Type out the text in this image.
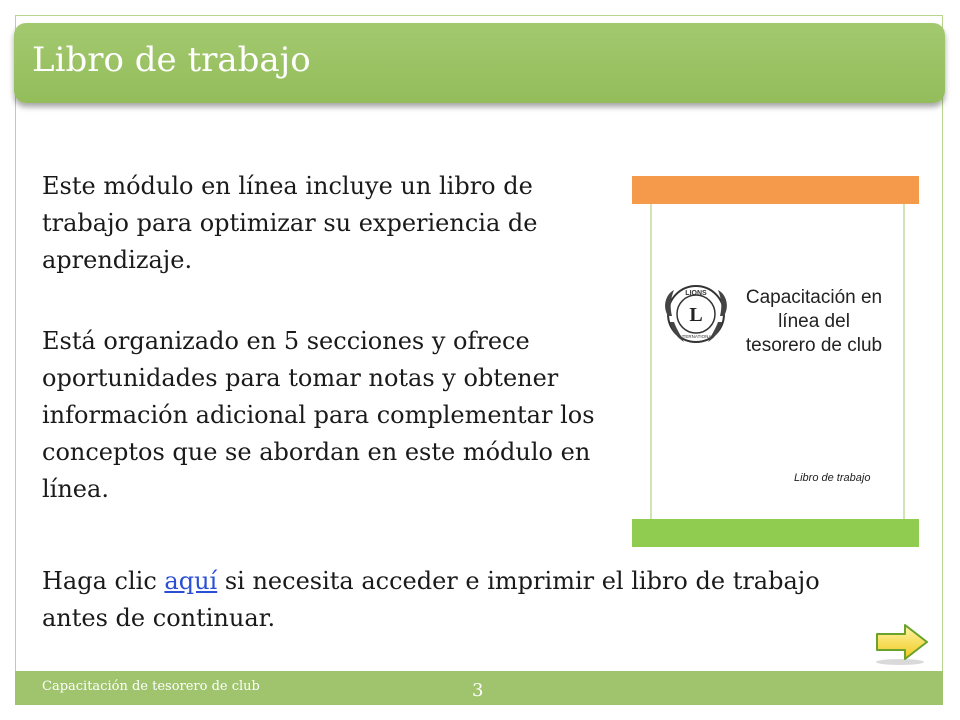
Libro de trabajo
Este módulo en línea incluye un libro de trabajo para optimizar su experiencia de aprendizaje.
Está organizado en 5 secciones y ofrece oportunidades para tomar notas y obtener información adicional para complementar los conceptos que se abordan en este módulo en línea.
Haga clic aquí si necesita acceder e imprimir el libro de trabajo antes de continuar.
LIONS
L
INTERNATIONAL
Capacitación en línea del tesorero de club
Libro de trabajo
Capacitación de tesorero de club	3
